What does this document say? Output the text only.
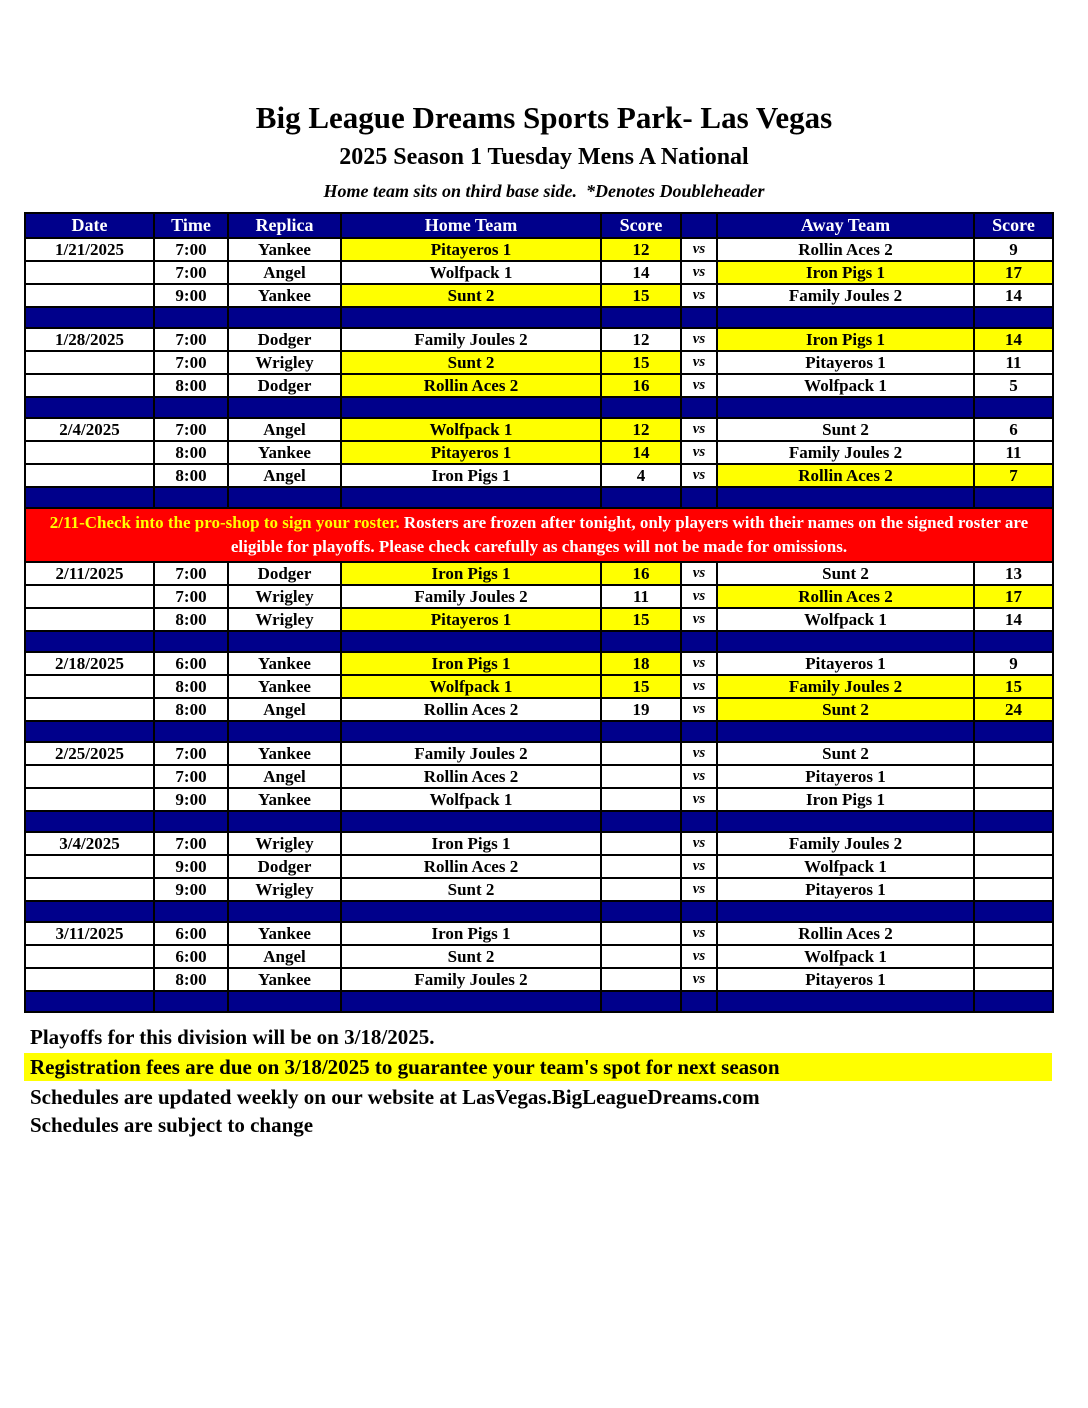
Big League Dreams Sports Park- Las Vegas
2025 Season 1 Tuesday Mens A National
Home team sits on third base side.  *Denotes Doubleheader
Date	Time	Replica	Home Team	Score		Away Team	Score
1/21/2025	7:00	Yankee	Pitayeros 1	12	vs	Rollin Aces 2	9
	7:00	Angel	Wolfpack 1	14	vs	Iron Pigs 1	17
	9:00	Yankee	Sunt 2	15	vs	Family Joules 2	14

1/28/2025	7:00	Dodger	Family Joules 2	12	vs	Iron Pigs 1	14
	7:00	Wrigley	Sunt 2	15	vs	Pitayeros 1	11
	8:00	Dodger	Rollin Aces 2	16	vs	Wolfpack 1	5

2/4/2025	7:00	Angel	Wolfpack 1	12	vs	Sunt 2	6
	8:00	Yankee	Pitayeros 1	14	vs	Family Joules 2	11
	8:00	Angel	Iron Pigs 1	4	vs	Rollin Aces 2	7

2/11-Check into the pro-shop to sign your roster. Rosters are frozen after tonight, only players with their names on the signed roster are eligible for playoffs. Please check carefully as changes will not be made for omissions.							
2/11/2025	7:00	Dodger	Iron Pigs 1	16	vs	Sunt 2	13
	7:00	Wrigley	Family Joules 2	11	vs	Rollin Aces 2	17
	8:00	Wrigley	Pitayeros 1	15	vs	Wolfpack 1	14

2/18/2025	6:00	Yankee	Iron Pigs 1	18	vs	Pitayeros 1	9
	8:00	Yankee	Wolfpack 1	15	vs	Family Joules 2	15
	8:00	Angel	Rollin Aces 2	19	vs	Sunt 2	24

2/25/2025	7:00	Yankee	Family Joules 2		vs	Sunt 2	
	7:00	Angel	Rollin Aces 2		vs	Pitayeros 1	
	9:00	Yankee	Wolfpack 1		vs	Iron Pigs 1	

3/4/2025	7:00	Wrigley	Iron Pigs 1		vs	Family Joules 2	
	9:00	Dodger	Rollin Aces 2		vs	Wolfpack 1	
	9:00	Wrigley	Sunt 2		vs	Pitayeros 1	

3/11/2025	6:00	Yankee	Iron Pigs 1		vs	Rollin Aces 2	
	6:00	Angel	Sunt 2		vs	Wolfpack 1	
	8:00	Yankee	Family Joules 2		vs	Pitayeros 1	

Playoffs for this division will be on 3/18/2025.
Registration fees are due on 3/18/2025 to guarantee your team's spot for next season
Schedules are updated weekly on our website at LasVegas.BigLeagueDreams.com
Schedules are subject to change
